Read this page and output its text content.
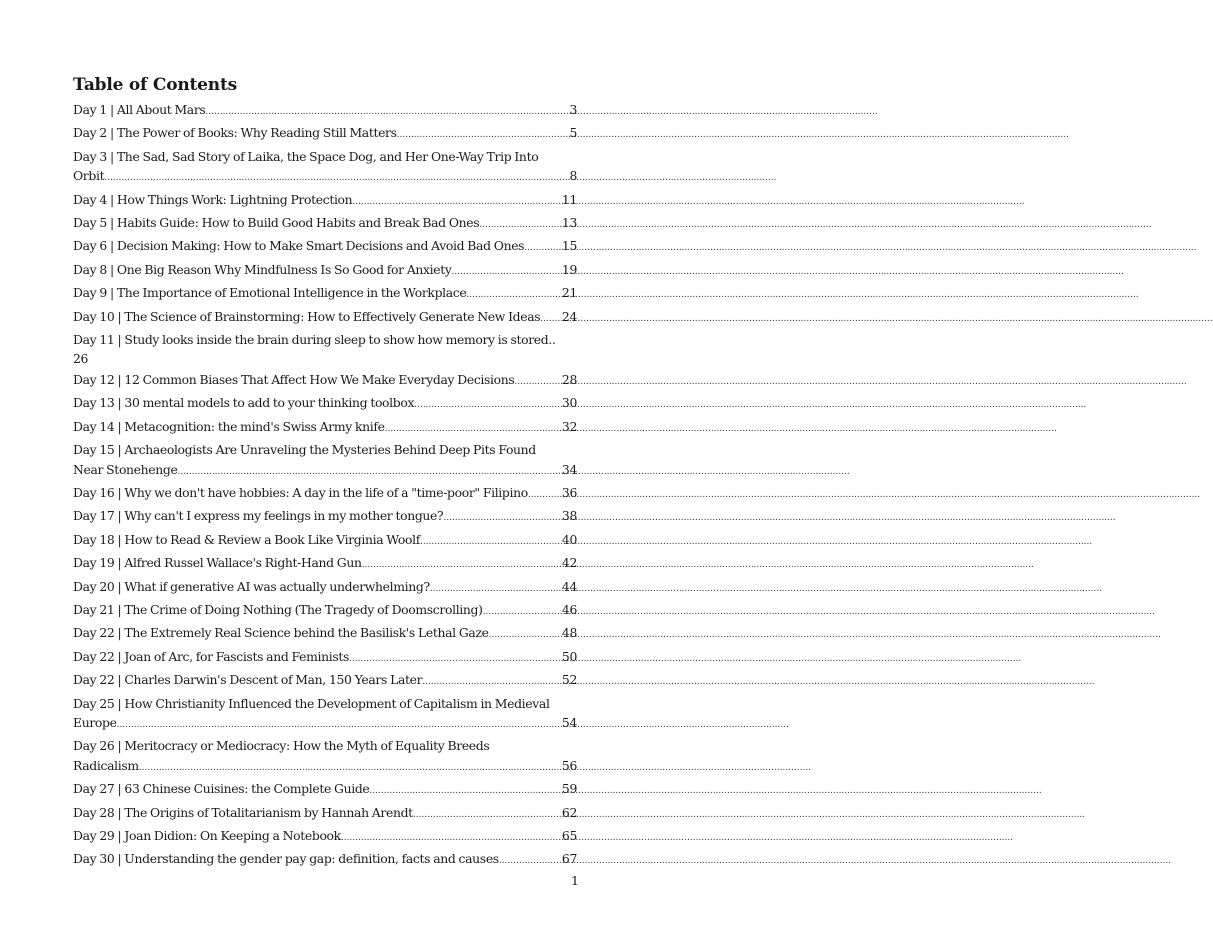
Table of Contents
Day 1 | All About Mars .....	3
Day 2 | The Power of Books: Why Reading Still Matters .....	5
Day 3 | The Sad, Sad Story of Laika, the Space Dog, and Her One-Way Trip Into
Orbit .....	8
Day 4 | How Things Work: Lightning Protection .....	11
Day 5 | Habits Guide: How to Build Good Habits and Break Bad Ones .....	13
Day 6 | Decision Making: How to Make Smart Decisions and Avoid Bad Ones .....	15
Day 8 | One Big Reason Why Mindfulness Is So Good for Anxiety .....	19
Day 9 | The Importance of Emotional Intelligence in the Workplace .....	21
Day 10 | The Science of Brainstorming: How to Effectively Generate New Ideas ..... 24
Day 11 | Study looks inside the brain during sleep to show how memory is stored..
26
Day 12 | 12 Common Biases That Affect How We Make Everyday Decisions .....	28
Day 13 | 30 mental models to add to your thinking toolbox .....	30
Day 14 | Metacognition: the mind's Swiss Army knife .....	32
Day 15 | Archaeologists Are Unraveling the Mysteries Behind Deep Pits Found
Near Stonehenge .....	34
Day 16 | Why we don't have hobbies: A day in the life of a "time-poor" Filipino .....	36
Day 17 | Why can't I express my feelings in my mother tongue? .....	38
Day 18 | How to Read & Review a Book Like Virginia Woolf .....	40
Day 19 | Alfred Russel Wallace's Right-Hand Gun .....	42
Day 20 | What if generative AI was actually underwhelming? .....	44
Day 21 | The Crime of Doing Nothing (The Tragedy of Doomscrolling) .....	46
Day 22 | The Extremely Real Science behind the Basilisk's Lethal Gaze .....	48
Day 22 | Joan of Arc, for Fascists and Feminists .....	50
Day 22 | Charles Darwin's Descent of Man, 150 Years Later .....	52
Day 25 | How Christianity Influenced the Development of Capitalism in Medieval
Europe .....	54
Day 26 | Meritocracy or Mediocracy: How the Myth of Equality Breeds
Radicalism .....	56
Day 27 | 63 Chinese Cuisines: the Complete Guide .....	59
Day 28 | The Origins of Totalitarianism by Hannah Arendt .....	62
Day 29 | Joan Didion: On Keeping a Notebook .....	65
Day 30 | Understanding the gender pay gap: definition, facts and causes .....	67
1
